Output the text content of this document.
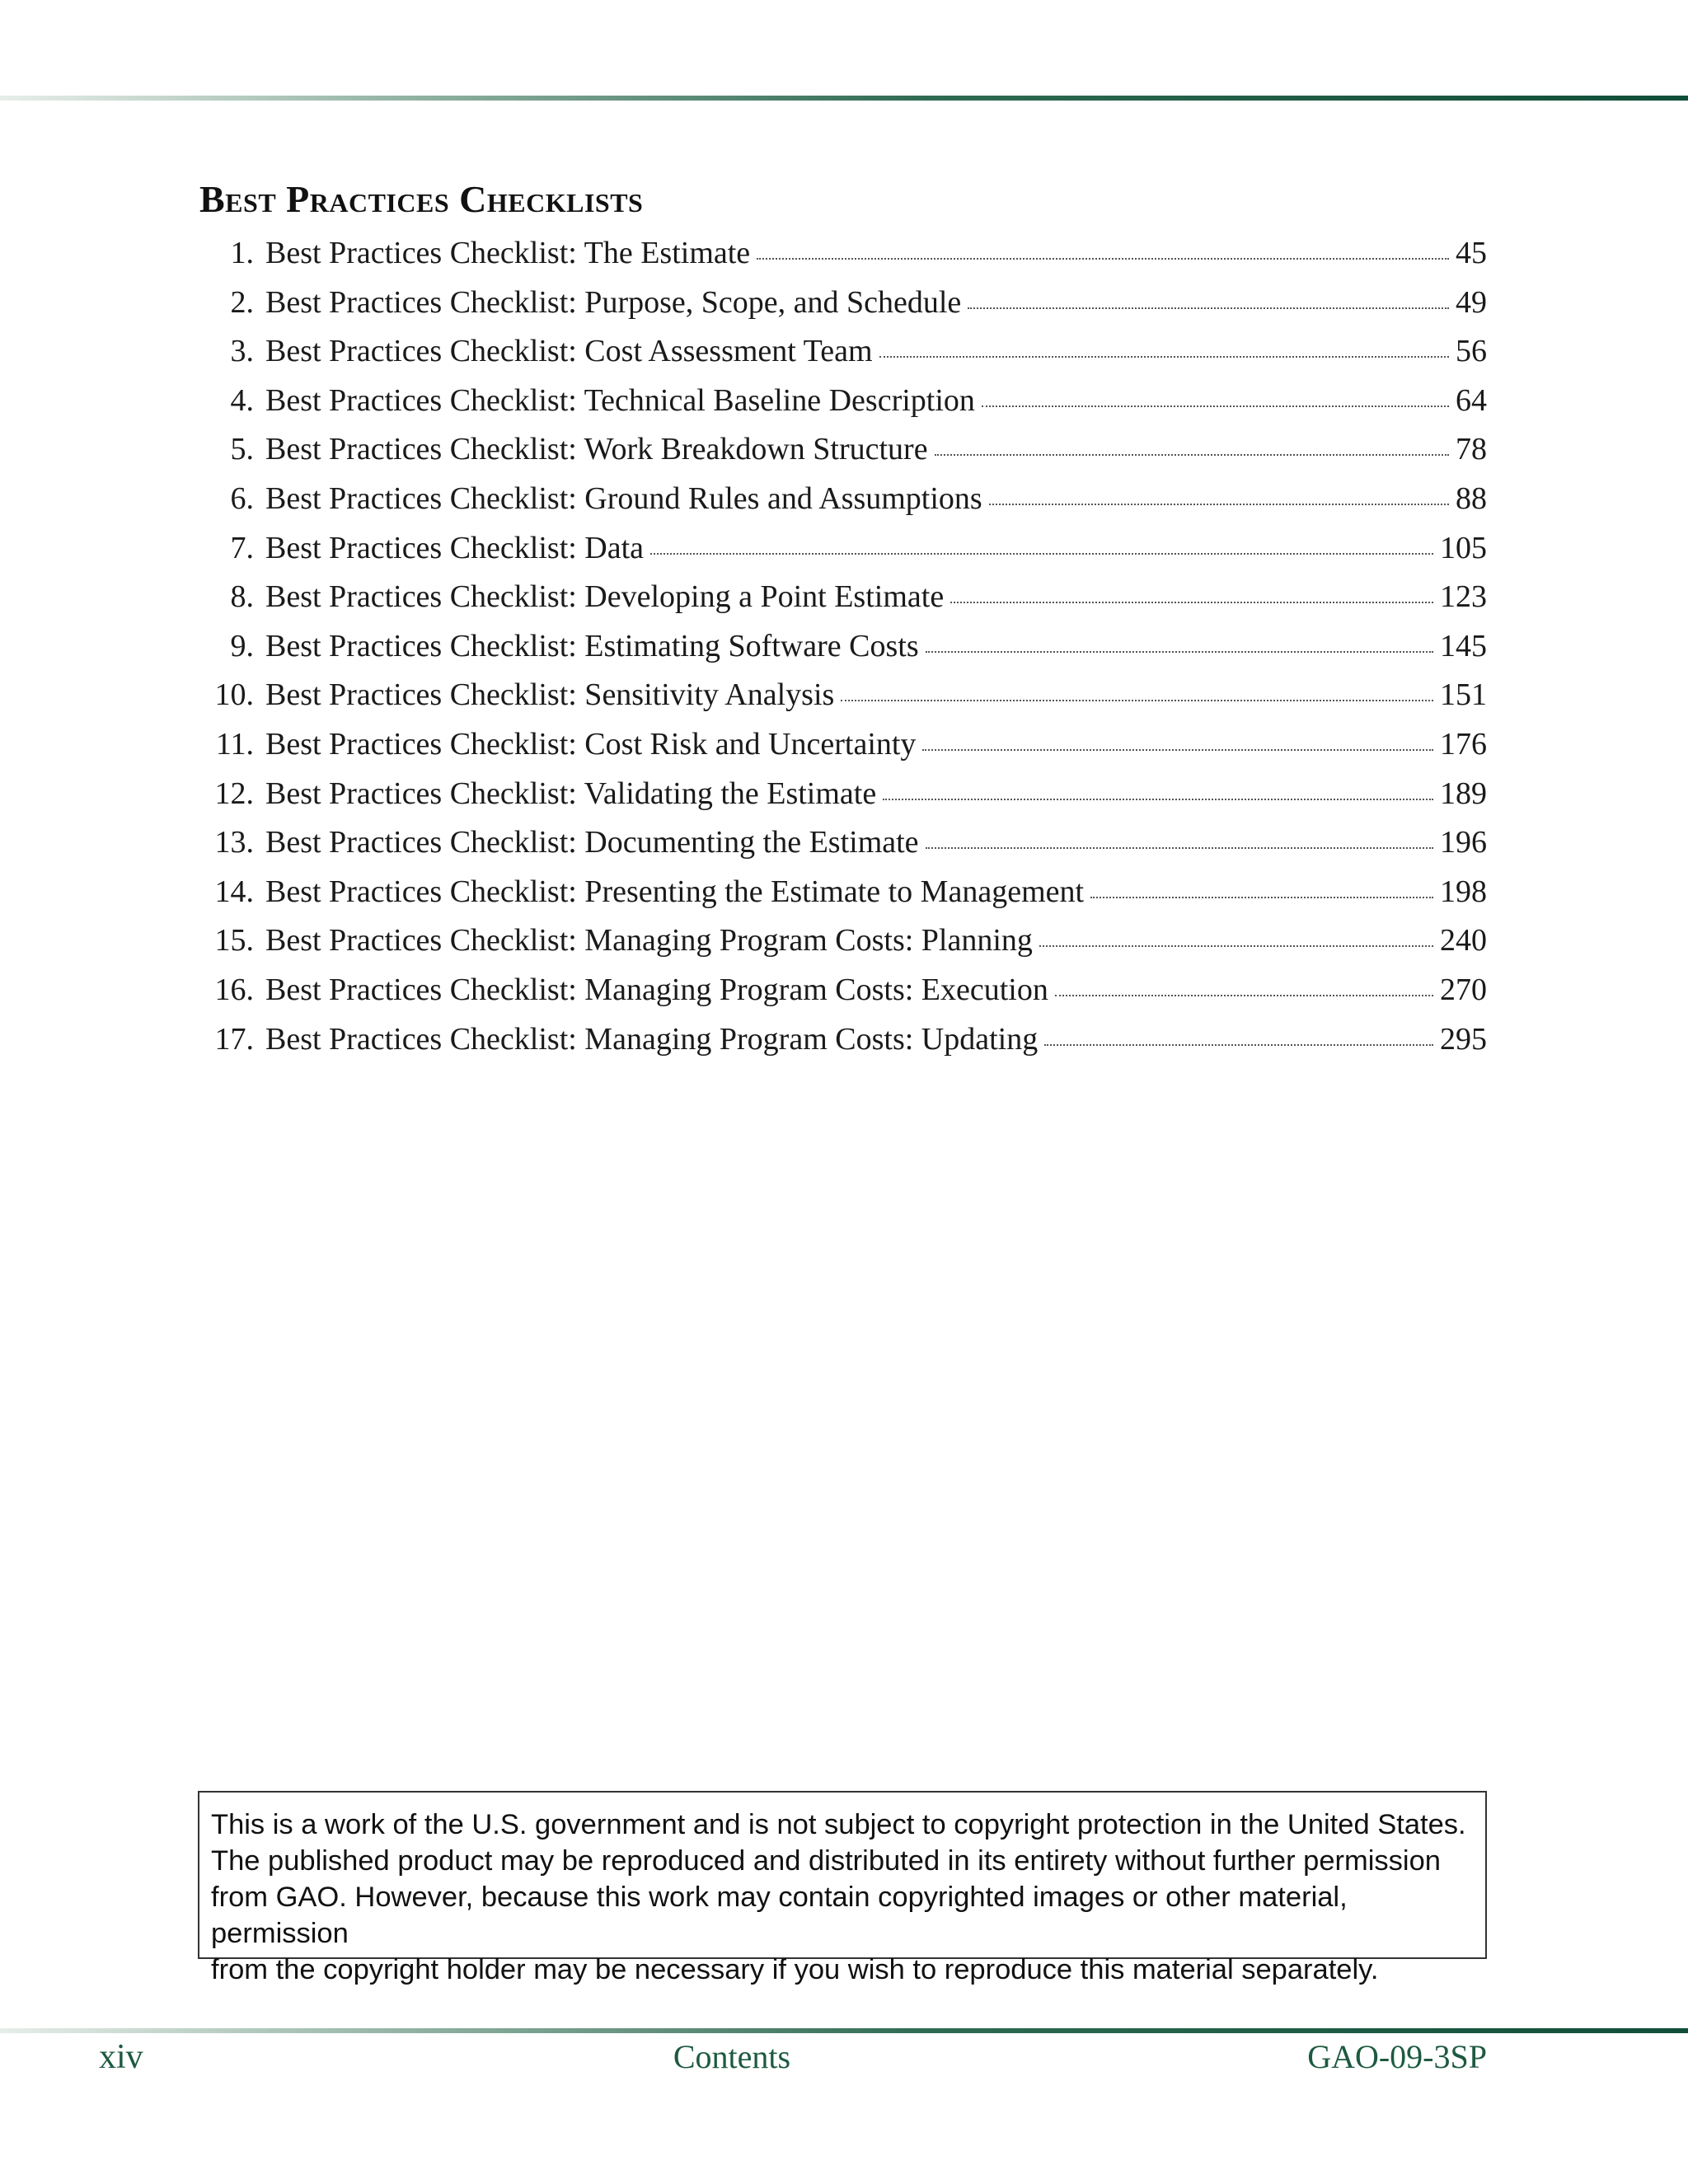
Best Practices Checklists
1. Best Practices Checklist: The Estimate	45
2. Best Practices Checklist: Purpose, Scope, and Schedule	49
3. Best Practices Checklist: Cost Assessment Team	56
4. Best Practices Checklist: Technical Baseline Description	64
5. Best Practices Checklist: Work Breakdown Structure	78
6. Best Practices Checklist: Ground Rules and Assumptions	88
7. Best Practices Checklist: Data	105
8. Best Practices Checklist: Developing a Point Estimate	123
9. Best Practices Checklist: Estimating Software Costs	145
10. Best Practices Checklist: Sensitivity Analysis	151
11. Best Practices Checklist: Cost Risk and Uncertainty	176
12. Best Practices Checklist: Validating the Estimate	189
13. Best Practices Checklist: Documenting the Estimate	196
14. Best Practices Checklist: Presenting the Estimate to Management	198
15. Best Practices Checklist: Managing Program Costs: Planning	240
16. Best Practices Checklist: Managing Program Costs: Execution	270
17. Best Practices Checklist: Managing Program Costs: Updating	295

This is a work of the U.S. government and is not subject to copyright protection in the United States.

The published product may be reproduced and distributed in its entirety without further permission

from GAO. However, because this work may contain copyrighted images or other material, permission

from the copyright holder may be necessary if you wish to reproduce this material separately.

xiv	Contents	GAO-09-3SP
